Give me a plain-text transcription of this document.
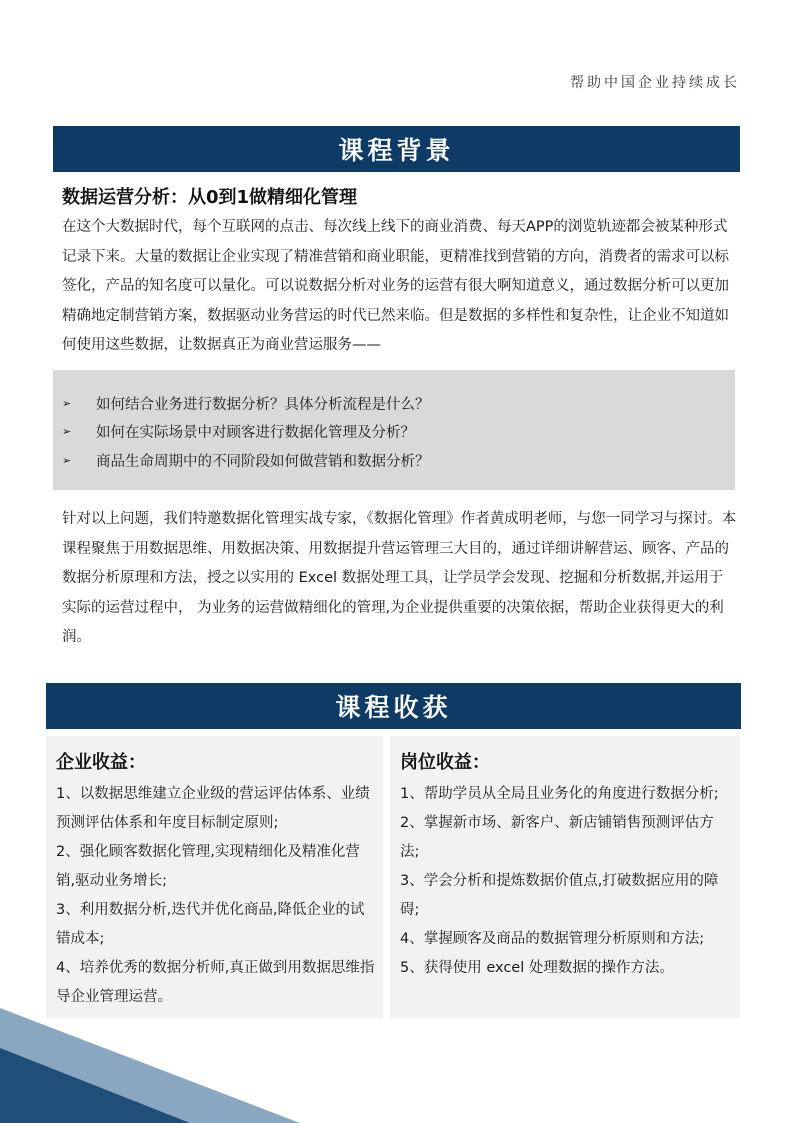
帮助中国企业持续成长
课程背景
数据运营分析：从0到1做精细化管理
在这个大数据时代，每个互联网的点击、每次线上线下的商业消费、每天APP的浏览轨迹都会被某种形式记录下来。大量的数据让企业实现了精准营销和商业职能，更精准找到营销的方向，消费者的需求可以标签化，产品的知名度可以量化。可以说数据分析对业务的运营有很大啊知道意义，通过数据分析可以更加精确地定制营销方案，数据驱动业务营运的时代已然来临。但是数据的多样性和复杂性，让企业不知道如何使用这些数据，让数据真正为商业营运服务——
➢	如何结合业务进行数据分析？具体分析流程是什么？
➢	如何在实际场景中对顾客进行数据化管理及分析？
➢	商品生命周期中的不同阶段如何做营销和数据分析？
针对以上问题，我们特邀数据化管理实战专家，《数据化管理》作者黄成明老师，与您一同学习与探讨。本课程聚焦于用数据思维、用数据决策、用数据提升营运管理三大目的，通过详细讲解营运、顾客、产品的数据分析原理和方法，授之以实用的 Excel 数据处理工具，让学员学会发现、挖掘和分析数据,并运用于实际的运营过程中， 为业务的运营做精细化的管理,为企业提供重要的决策依据，帮助企业获得更大的利润。
课程收获
企业收益：
1、以数据思维建立企业级的营运评估体系、业绩预测评估体系和年度目标制定原则;
2、强化顾客数据化管理,实现精细化及精准化营销,驱动业务增长;
3、利用数据分析,迭代并优化商品,降低企业的试错成本;
4、培养优秀的数据分析师,真正做到用数据思维指导企业管理运营。
岗位收益：
1、帮助学员从全局且业务化的角度进行数据分析;
2、掌握新市场、新客户、新店铺销售预测评估方法;
3、学会分析和提炼数据价值点,打破数据应用的障碍;
4、掌握顾客及商品的数据管理分析原则和方法;
5、获得使用 excel 处理数据的操作方法。
